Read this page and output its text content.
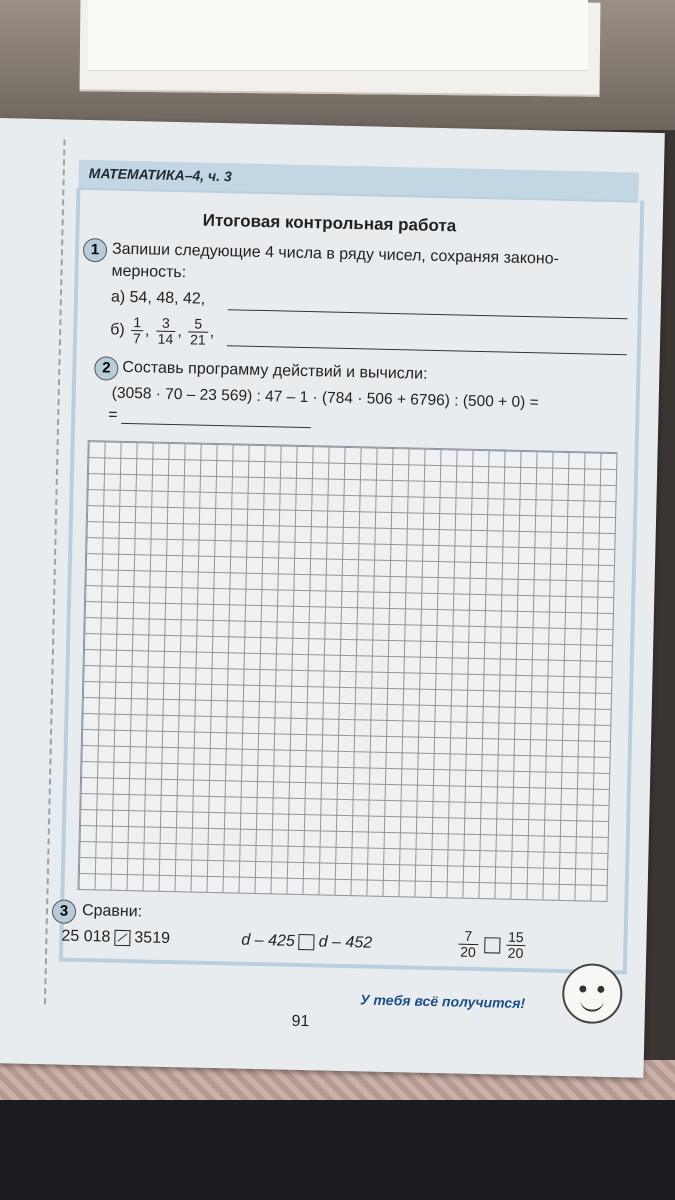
МАТЕМАТИКА–4, ч. 3
Итоговая контрольная работа
1 Запиши следующие 4 числа в ряду чисел, сохраняя законо-
мерность:
а) 54, 48, 42,
$б) \frac{1}{7}$ , $\frac{3}{14}$ , $\frac{5}{21}$ ,
2 Составь программу действий и вычисли:
(3058 · 70 – 23 569) : 47 – 1 · (784 · 506 + 6796) : (500 + 0) =
=
3 Сравни:
25 018 3519	d – 425 d – 452	$\frac{7}{20} \frac{15}{20}$
У тебя всё получится!
91
